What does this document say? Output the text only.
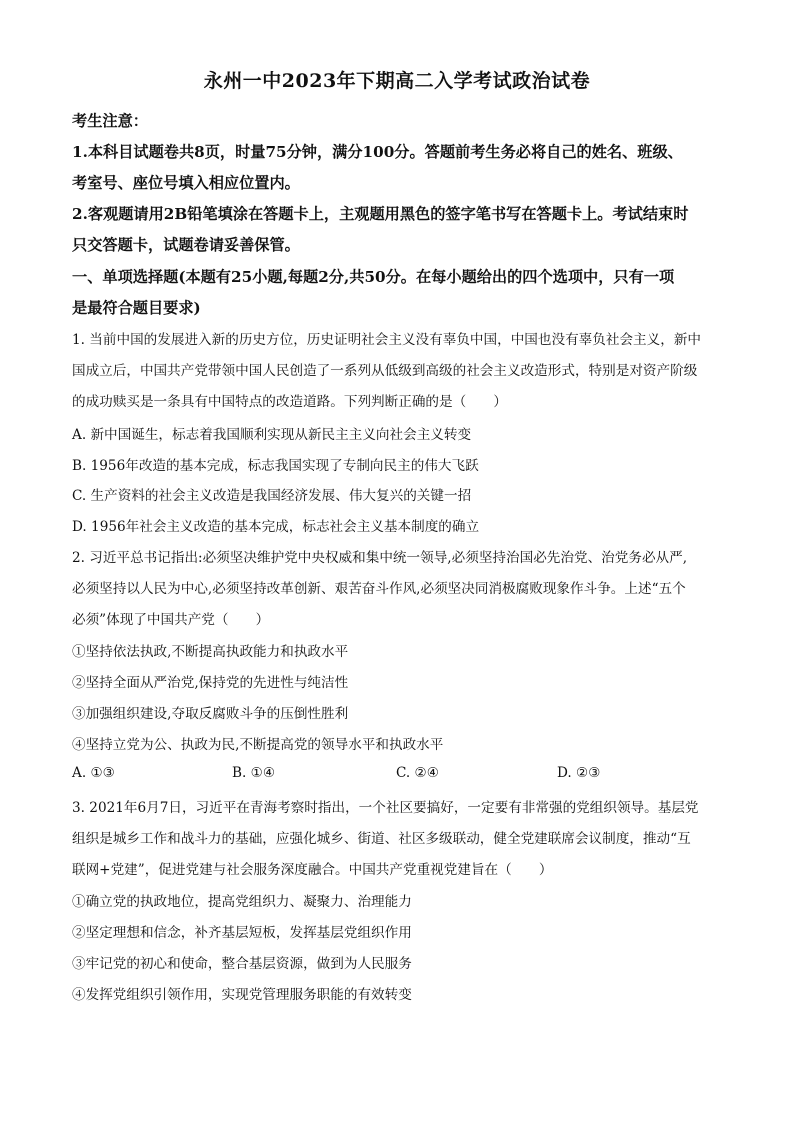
永州一中2023年下期高二入学考试政治试卷
考生注意：
1.本科目试题卷共8页，时量75分钟，满分100分。答题前考生务必将自己的姓名、班级、
考室号、座位号填入相应位置内。
2.客观题请用2B铅笔填涂在答题卡上，主观题用黑色的签字笔书写在答题卡上。考试结束时
只交答题卡，试题卷请妥善保管。
一、单项选择题(本题有25小题,每题2分,共50分。在每小题给出的四个选项中，只有一项
是最符合题目要求)
1. 当前中国的发展进入新的历史方位，历史证明社会主义没有辜负中国，中国也没有辜负社会主义，新中
国成立后，中国共产党带领中国人民创造了一系列从低级到高级的社会主义改造形式，特别是对资产阶级
的成功赎买是一条具有中国特点的改造道路。下列判断正确的是（　　）
A. 新中国诞生，标志着我国顺利实现从新民主主义向社会主义转变
B. 1956年改造的基本完成，标志我国实现了专制向民主的伟大飞跃
C. 生产资料的社会主义改造是我国经济发展、伟大复兴的关键一招
D. 1956年社会主义改造的基本完成，标志社会主义基本制度的确立
2. 习近平总书记指出:必须坚决维护党中央权威和集中统一领导,必须坚持治国必先治党、治党务必从严,
必须坚持以人民为中心,必须坚持改革创新、艰苦奋斗作风,必须坚决同消极腐败现象作斗争。上述“五个
必须”体现了中国共产党（　　）
①坚持依法执政,不断提高执政能力和执政水平
②坚持全面从严治党,保持党的先进性与纯洁性
③加强组织建设,夺取反腐败斗争的压倒性胜利
④坚持立党为公、执政为民,不断提高党的领导水平和执政水平
A. ①③	B. ①④	C. ②④	D. ②③
3. 2021年6月7日，习近平在青海考察时指出，一个社区要搞好，一定要有非常强的党组织领导。基层党
组织是城乡工作和战斗力的基础，应强化城乡、街道、社区多级联动，健全党建联席会议制度，推动“互
联网+党建”，促进党建与社会服务深度融合。中国共产党重视党建旨在（　　）
①确立党的执政地位，提高党组织力、凝聚力、治理能力
②坚定理想和信念，补齐基层短板，发挥基层党组织作用
③牢记党的初心和使命，整合基层资源，做到为人民服务
④发挥党组织引领作用，实现党管理服务职能的有效转变
